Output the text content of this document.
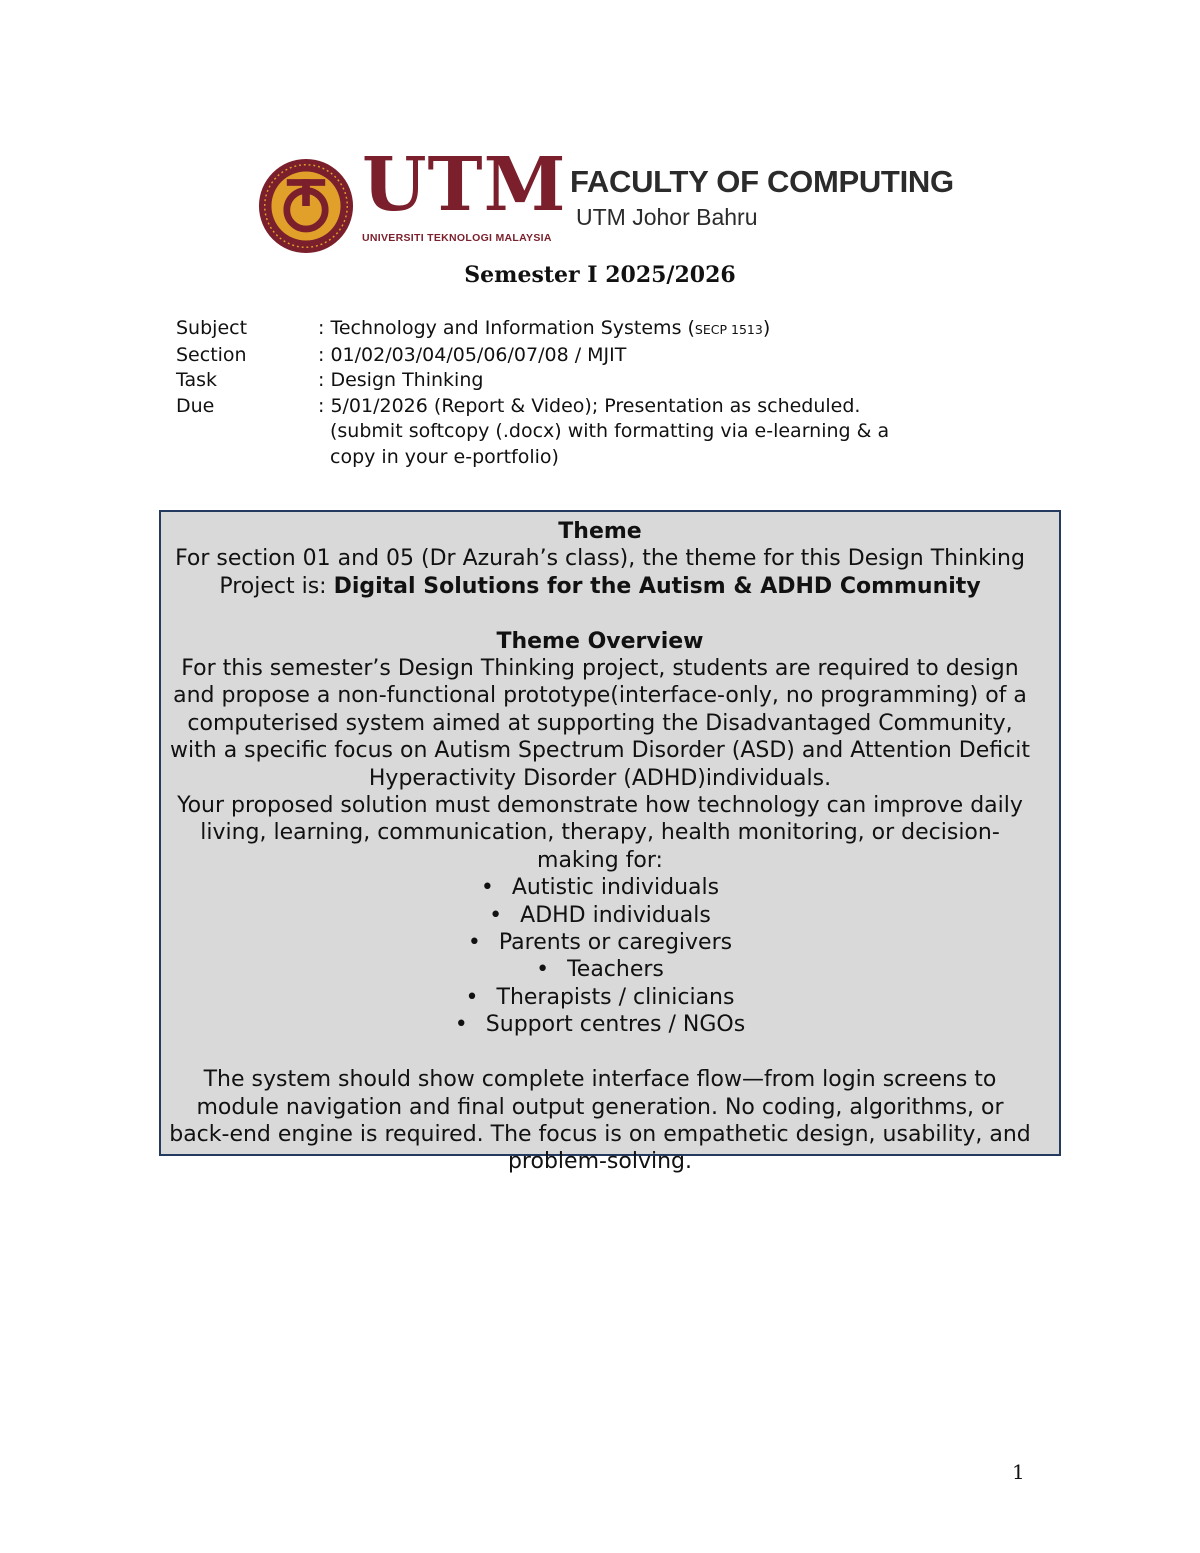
UTM
UNIVERSITI TEKNOLOGI MALAYSIA
FACULTY OF COMPUTING
UTM Johor Bahru
Semester I 2025/2026
Subject	: Technology and Information Systems (SECP 1513)
Section	: 01/02/03/04/05/06/07/08 / MJIT
Task	: Design Thinking
Due	: 5/01/2026 (Report & Video); Presentation as scheduled.
(submit softcopy (.docx) with formatting via e-learning & a
copy in your e-portfolio)

Theme

For section 01 and 05 (Dr Azurah’s class), the theme for this Design Thinking Project is: Digital Solutions for the Autism & ADHD Community

Theme Overview

For this semester’s Design Thinking project, students are required to design and propose a non-functional prototype(interface-only, no programming) of a computerised system aimed at supporting the Disadvantaged Community, with a specific focus on Autism Spectrum Disorder (ASD) and Attention Deficit Hyperactivity Disorder (ADHD)individuals.

Your proposed solution must demonstrate how technology can improve daily living, learning, communication, therapy, health monitoring, or decision-making for:

• Autistic individuals
• ADHD individuals
• Parents or caregivers
• Teachers
• Therapists / clinicians
• Support centres / NGOs

The system should show complete interface flow—from login screens to module navigation and final output generation. No coding, algorithms, or back-end engine is required. The focus is on empathetic design, usability, and problem-solving.

1
